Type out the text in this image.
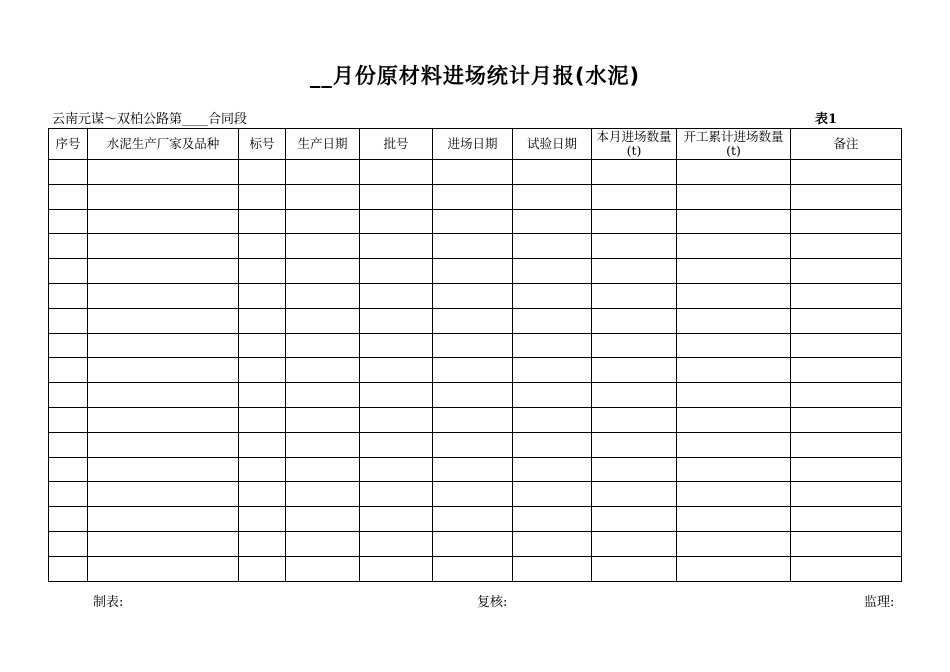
__月份原材料进场统计月报(水泥)
云南元谋～双柏公路第____合同段	表1
序号	水泥生产厂家及品种	标号	生产日期	批号	进场日期	试验日期	本月进场数量(t)	开工累计进场数量(t)	备注

制表:	复核:	监理:
